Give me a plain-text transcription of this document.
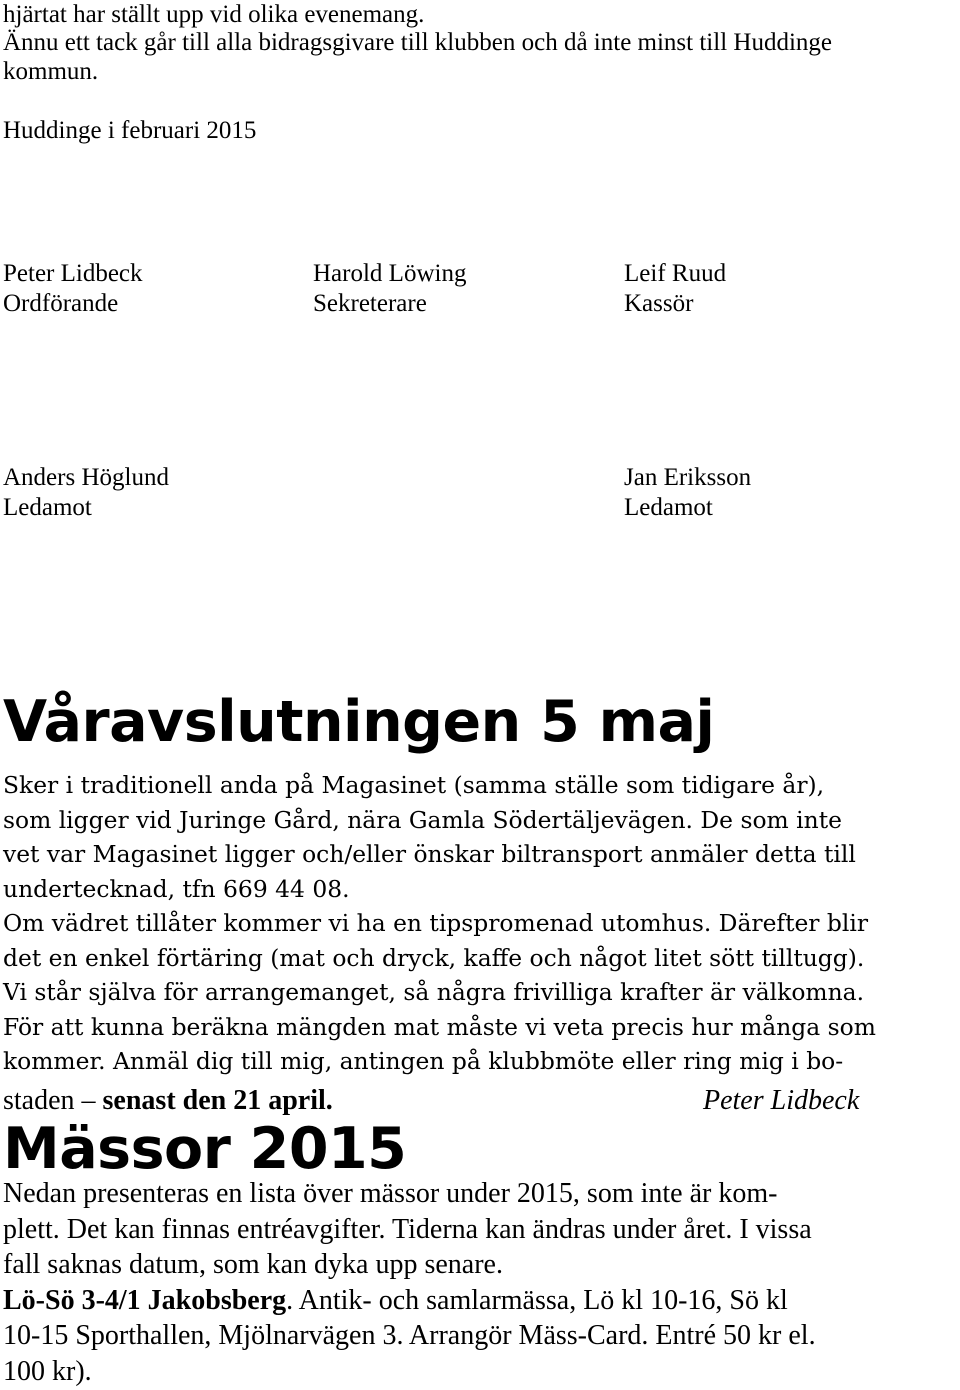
hjärtat har ställt upp vid olika evenemang.
Ännu ett tack går till alla bidragsgivare till klubben och då inte minst till Huddinge
kommun.
Huddinge i februari 2015
Peter Lidbeck
Ordförande
Harold Löwing
Sekreterare
Leif Ruud
Kassör
Anders Höglund
Ledamot
Jan Eriksson
Ledamot
Våravslutningen 5 maj
Sker i traditionell anda på Magasinet (samma ställe som tidigare år),
som ligger vid Juringe Gård, nära Gamla Södertäljevägen. De som inte
vet var Magasinet ligger och/eller önskar biltransport anmäler detta till
undertecknad, tfn 669 44 08.
Om vädret tillåter kommer vi ha en tipspromenad utomhus. Därefter blir
det en enkel förtäring (mat och dryck, kaffe och något litet sött tilltugg).
Vi står själva för arrangemanget, så några frivilliga krafter är välkomna.
För att kunna beräkna mängden mat måste vi veta precis hur många som
kommer. Anmäl dig till mig, antingen på klubbmöte eller ring mig i bo-
staden – senast den 21 april.	Peter Lidbeck
Mässor 2015
Nedan presenteras en lista över mässor under 2015, som inte är kom-
plett. Det kan finnas entréavgifter. Tiderna kan ändras under året. I vissa
fall saknas datum, som kan dyka upp senare.
Lö-Sö 3-4/1 Jakobsberg. Antik- och samlarmässa, Lö kl 10-16, Sö kl
10-15 Sporthallen, Mjölnarvägen 3. Arrangör Mäss-Card. Entré 50 kr el.
100 kr).
